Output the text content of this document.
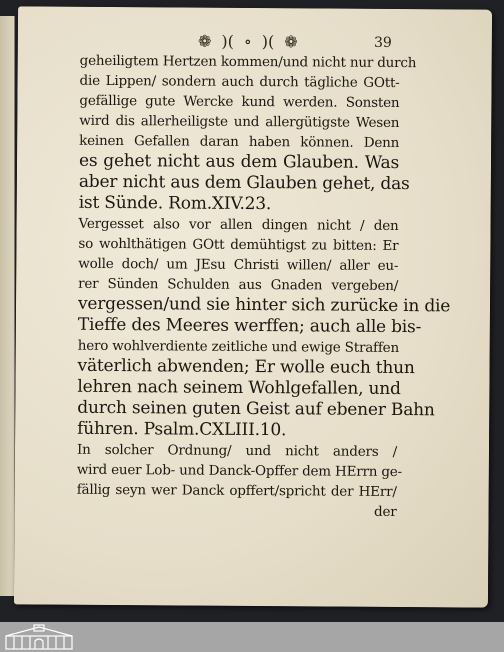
❁ )( ∘ )( ❁	39
geheiligtem Hertzen kommen/und nicht nur durch
die Lippen/ sondern auch durch tägliche GOtt-
gefällige gute Wercke kund werden. Sonsten
wird dis allerheiligste und allergütigste Wesen
keinen Gefallen daran haben können. Denn
es gehet nicht aus dem Glauben. Was
aber nicht aus dem Glauben gehet, das
ist Sünde. Rom.XIV.23.
Vergesset also vor allen dingen nicht / den
so wohlthätigen GOtt demühtigst zu bitten: Er
wolle doch/ um JEsu Christi willen/ aller eu-
rer Sünden Schulden aus Gnaden vergeben/
vergessen/und sie hinter sich zurücke in die
Tieffe des Meeres werffen; auch alle bis-
hero wohlverdiente zeitliche und ewige Straffen
väterlich abwenden; Er wolle euch thun
lehren nach seinem Wohlgefallen, und
durch seinen guten Geist auf ebener Bahn
führen. Psalm.CXLIII.10.
In solcher Ordnung/ und nicht anders /
wird euer Lob- und Danck-Opffer dem HErrn ge-
fällig seyn wer Danck opffert/spricht der HErr/
der
